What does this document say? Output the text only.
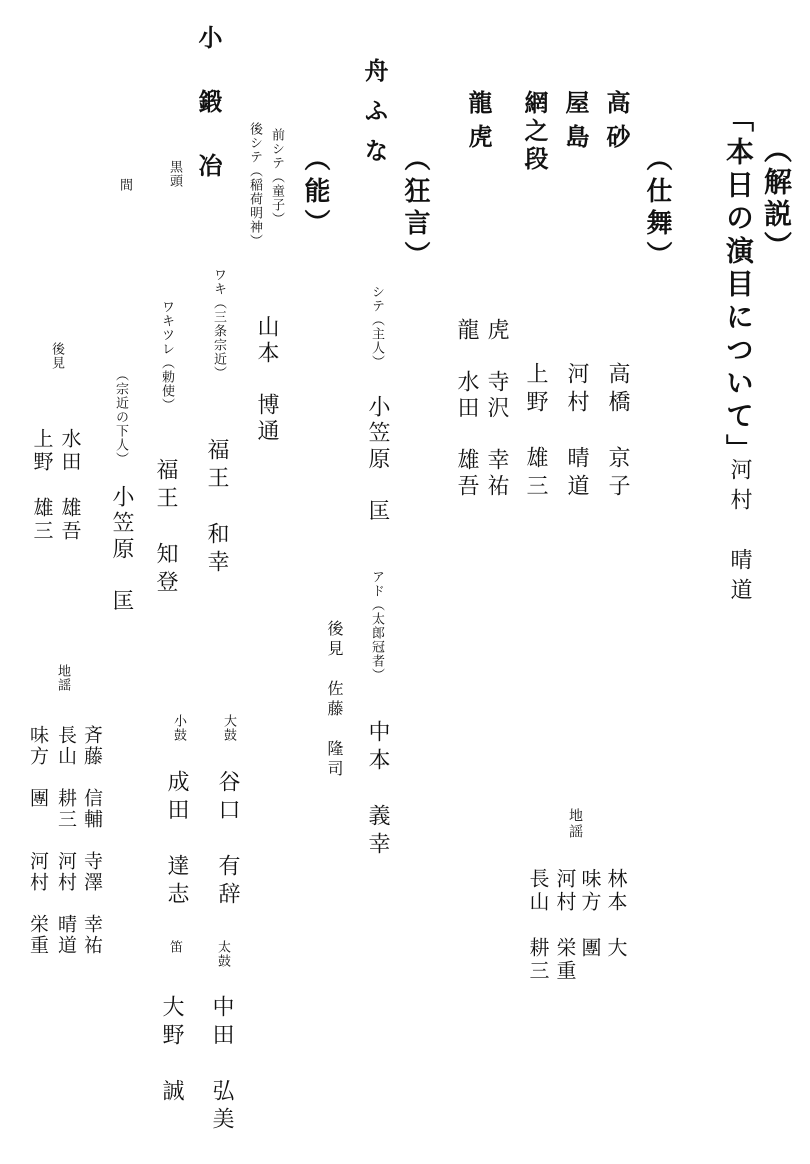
（解説）
「本日の演目について」
河村　晴道
（仕舞）
高砂
高橋　京子
屋島
河村　晴道
網之段
上野　雄三
龍虎
虎　寺沢　幸祐
龍　水田　雄吾
地謡
林本　大
味方　團
河村　栄重
長山　耕三
（狂言）
舟ふな
シテ（主人）
小笠原　匡
アド（太郎冠者）
中本　義幸
後見　佐藤　隆司
（能）
小鍛冶	前シテ（童子）
後シテ（稲荷明神）
山本　博通
ワキ（三条宗近）
福王　和幸
ワキツレ（勅使）
福王　知登
黒頭
（宗近の下人）
小笠原　匡
間
後見
水田　雄吾
上野　雄三
地謡
斉藤　信輔　寺澤　幸祐
長山　耕三　河村　晴道
味方　團　　河村　栄重	大鼓
谷口　有辞
小鼓
成田　達志
太鼓
中田　弘美
笛
大野　誠
